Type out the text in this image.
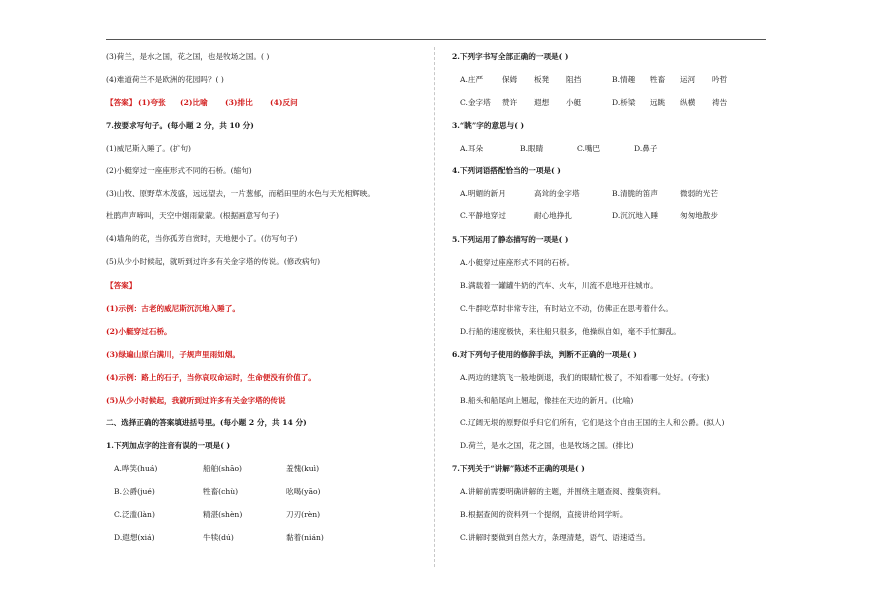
(3)荷兰，是水之国，花之国，也是牧场之国。( )
(4)难道荷兰不是欧洲的花园吗？( )
【答案】 (1)夸张 (2)比喻 (3)排比 (4)反问
7.按要求写句子。(每小题 2 分，共 10 分)
(1)威尼斯入睡了。(扩句)
(2)小艇穿过一座座形式不同的石桥。(缩句)
(3)山牧、原野草木茂盛，远远望去，一片葱郁，而稻田里的水色与天光相辉映。
杜鹃声声啼叫，天空中烟雨蒙蒙。(根据画意写句子)
(4)墙角的花，当你孤芳自赏时，天地便小了。(仿写句子)
(5)从少小时候起，就听到过许多有关金字塔的传说。(修改病句)
【答案】
(1)示例：古老的威尼斯沉沉地入睡了。
(2)小艇穿过石桥。
(3)绿遍山原白满川，子规声里雨如烟。
(4)示例：路上的石子，当你哀叹命运时，生命便没有价值了。
(5)从少小时候起，我就听到过许多有关金字塔的传说
二、选择正确的答案填进括号里。(每小题 2 分，共 14 分)
1.下列加点字的注音有误的一项是( )
A.哗笑(huá)	船舶(shāo)	羞愧(kuì)
B.公爵(jué)	牲畜(chù)	吆喝(yāo)
C.泛滥(làn)	精湛(shèn)	刀刃(rèn)
D.遐想(xiá)	牛犊(dú)	黏着(nián)
2.下列字书写全部正确的一项是( )
A.庄严 保姆 板凳 阻挡	B.情趣 牲畜 运河 吟哲
C.金字塔 赞许 遐想 小艇	D.桥梁 远眺 纵横 祷告
3.“眺”字的意思与( )
A.耳朵	B.眼睛	C.嘴巴	D.鼻子
4.下列词语搭配恰当的一项是( )
A.明媚的新月	高耸的金字塔	B.清脆的笛声	微弱的光芒
C.平静地穿过	耐心地挣扎	D.沉沉地入睡	匆匆地散步
5.下列运用了静态描写的一项是( )
A.小艇穿过座座形式不同的石桥。
B.满载着一罐罐牛奶的汽车、火车，川流不息地开往城市。
C.牛群吃草时非常专注，有时站立不动，仿佛正在思考着什么。
D.行船的速度极快，来往船只很多，他操纵自如，毫不手忙脚乱。
6.对下列句子使用的修辞手法，判断不正确的一项是( )
A.两边的建筑飞一般地倒退，我们的眼睛忙极了，不知看哪一处好。(夸张)
B.船头和船尾向上翘起，像挂在天边的新月。(比喻)
C.辽阔无垠的原野似乎归它们所有，它们是这个自由王国的主人和公爵。(拟人)
D.荷兰，是水之国，花之国，也是牧场之国。(排比)
7.下列关于“讲解”陈述不正确的项是( )
A.讲解前需要明确讲解的主题，并围绕主题查阅、搜集资料。
B.根据查阅的资料列一个提纲，直接讲给同学听。
C.讲解时要做到自然大方，条理清楚，语气、语速适当。
